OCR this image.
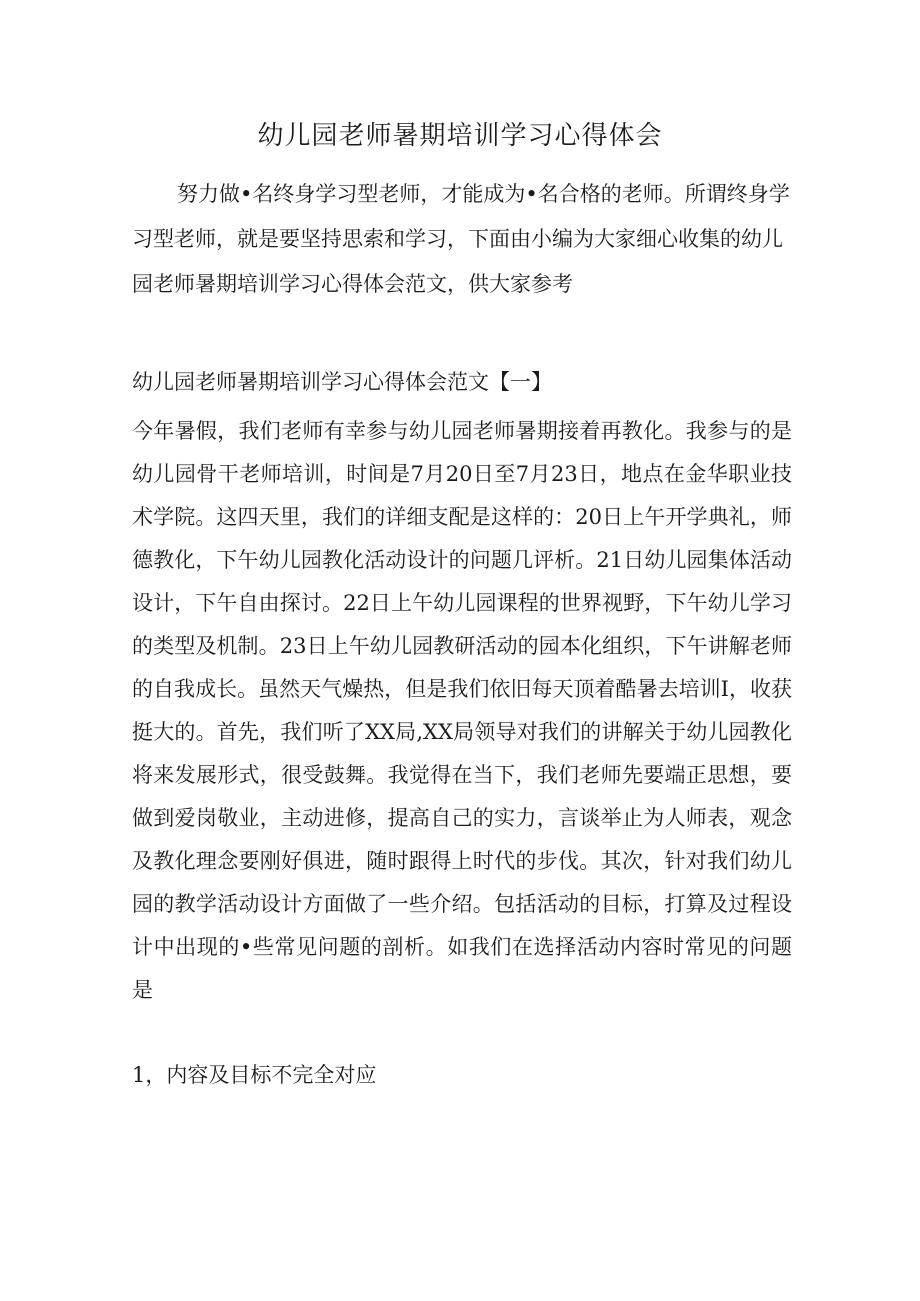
幼儿园老师暑期培训学习心得体会

努力做•名终身学习型老师，才能成为•名合格的老师。所谓终身学习型老师，就是要坚持思索和学习，下面由小编为大家细心收集的幼儿园老师暑期培训学习心得体会范文，供大家参考

幼儿园老师暑期培训学习心得体会范文【一】

今年暑假，我们老师有幸参与幼儿园老师暑期接着再教化。我参与的是幼儿园骨干老师培训，时间是7月20日至7月23日，地点在金华职业技术学院。这四天里，我们的详细支配是这样的：20日上午开学典礼，师德教化，下午幼儿园教化活动设计的问题几评析。21日幼儿园集体活动设计，下午自由探讨。22日上午幼儿园课程的世界视野，下午幼儿学习的类型及机制。23日上午幼儿园教研活动的园本化组织，下午讲解老师的自我成长。虽然天气燥热，但是我们依旧每天顶着酷暑去培训I，收获挺大的。首先，我们听了XX局,XX局领导对我们的讲解关于幼儿园教化将来发展形式，很受鼓舞。我觉得在当下，我们老师先要端正思想，要做到爱岗敬业，主动进修，提高自己的实力，言谈举止为人师表，观念及教化理念要刚好俱进，随时跟得上时代的步伐。其次，针对我们幼儿园的教学活动设计方面做了一些介绍。包括活动的目标，打算及过程设计中出现的•些常见问题的剖析。如我们在选择活动内容时常见的问题是

1，内容及目标不完全对应
